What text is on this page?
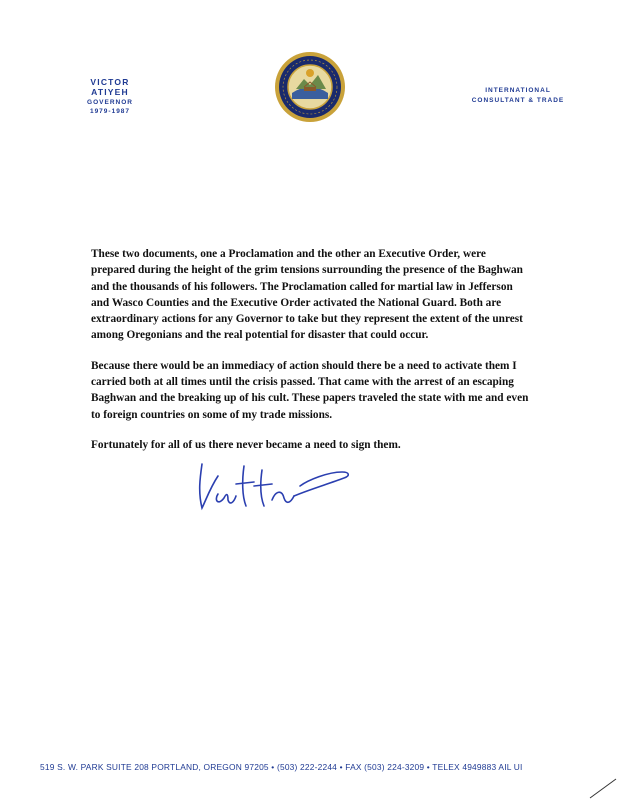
VICTOR ATIYEH
GOVERNOR
1979-1987
INTERNATIONAL
CONSULTANT & TRADE

These two documents, one a Proclamation and the other an Executive Order, were prepared during the height of the grim tensions surrounding the presence of the Baghwan and the thousands of his followers. The Proclamation called for martial law in Jefferson and Wasco Counties and the Executive Order activated the National Guard. Both are extraordinary actions for any Governor to take but they represent the extent of the unrest among Oregonians and the real potential for disaster that could occur.

Because there would be an immediacy of action should there be a need to activate them I carried both at all times until the crisis passed. That came with the arrest of an escaping Baghwan and the breaking up of his cult. These papers traveled the state with me and even to foreign countries on some of my trade missions.

Fortunately for all of us there never became a need to sign them.

519 S. W. PARK SUITE 208 PORTLAND, OREGON 97205 • (503) 222-2244 • FAX (503) 224-3209 • TELEX 4949883 AIL UI
